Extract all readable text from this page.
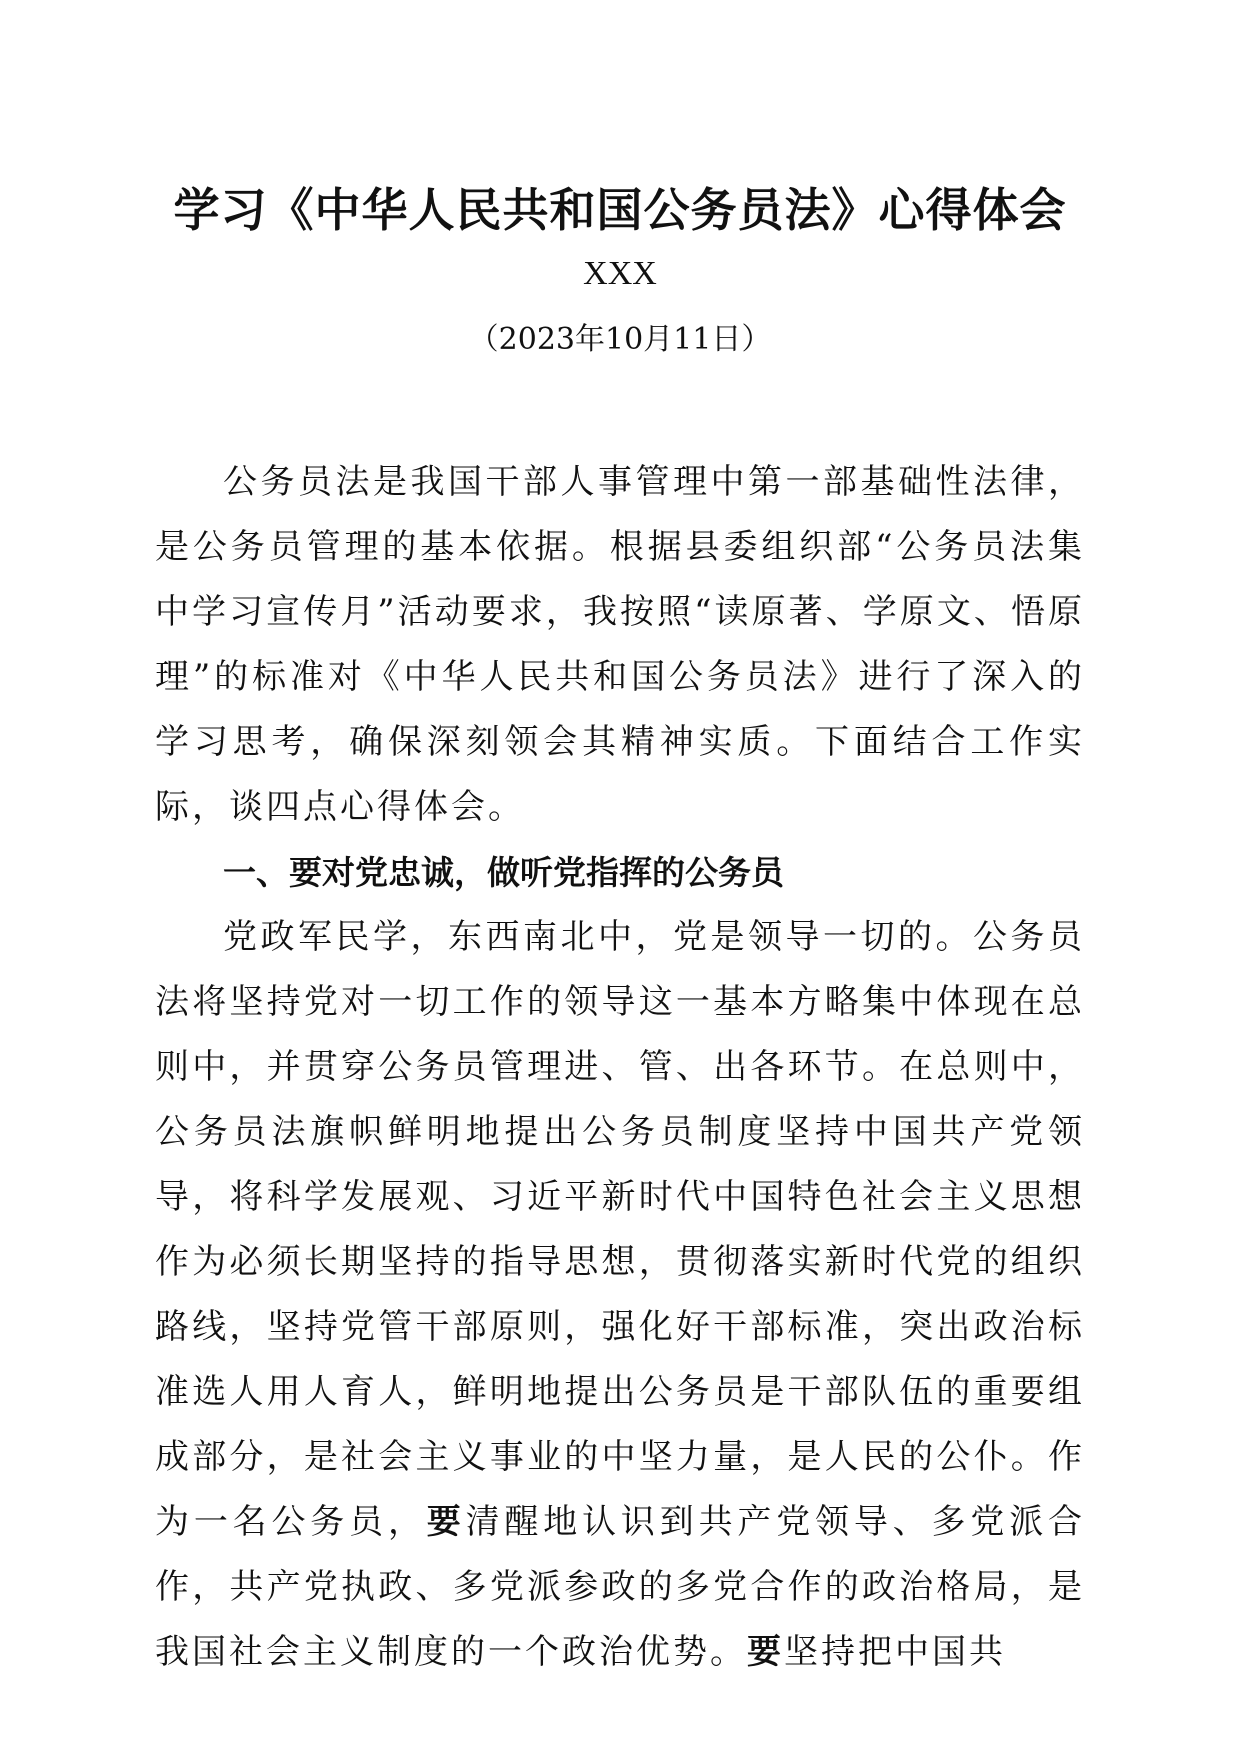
学习《中华人民共和国公务员法》心得体会
XXX
（2023年10月11日）

公务员法是我国干部人事管理中第一部基础性法律，是公务员管理的基本依据。根据县委组织部“公务员法集中学习宣传月”活动要求，我按照“读原著、学原文、悟原理”的标准对《中华人民共和国公务员法》进行了深入的学习思考，确保深刻领会其精神实质。下面结合工作实际，谈四点心得体会。

一、要对党忠诚，做听党指挥的公务员

党政军民学，东西南北中，党是领导一切的。公务员法将坚持党对一切工作的领导这一基本方略集中体现在总则中，并贯穿公务员管理进、管、出各环节。在总则中，公务员法旗帜鲜明地提出公务员制度坚持中国共产党领导，将科学发展观、习近平新时代中国特色社会主义思想作为必须长期坚持的指导思想，贯彻落实新时代党的组织路线，坚持党管干部原则，强化好干部标准，突出政治标准选人用人育人，鲜明地提出公务员是干部队伍的重要组成部分，是社会主义事业的中坚力量，是人民的公仆。作为一名公务员，要清醒地认识到共产党领导、多党派合作，共产党执政、多党派参政的多党合作的政治格局，是我国社会主义制度的一个政治优势。要坚持把中国共
